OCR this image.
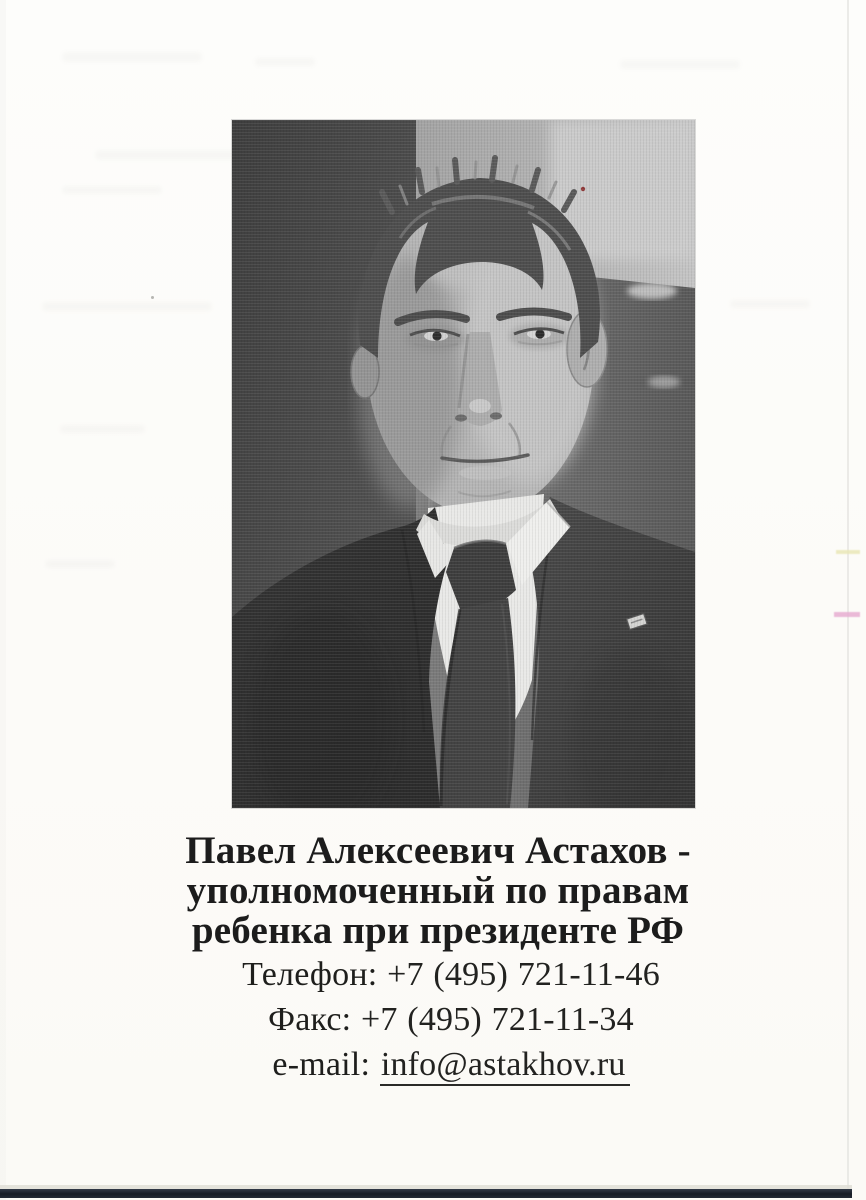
Павел Алексеевич Астахов -
уполномоченный по правам
ребенка при президенте РФ
Телефон: +7 (495) 721-11-46
Факс: +7 (495) 721-11-34
e-mail: info@astakhov.ru
